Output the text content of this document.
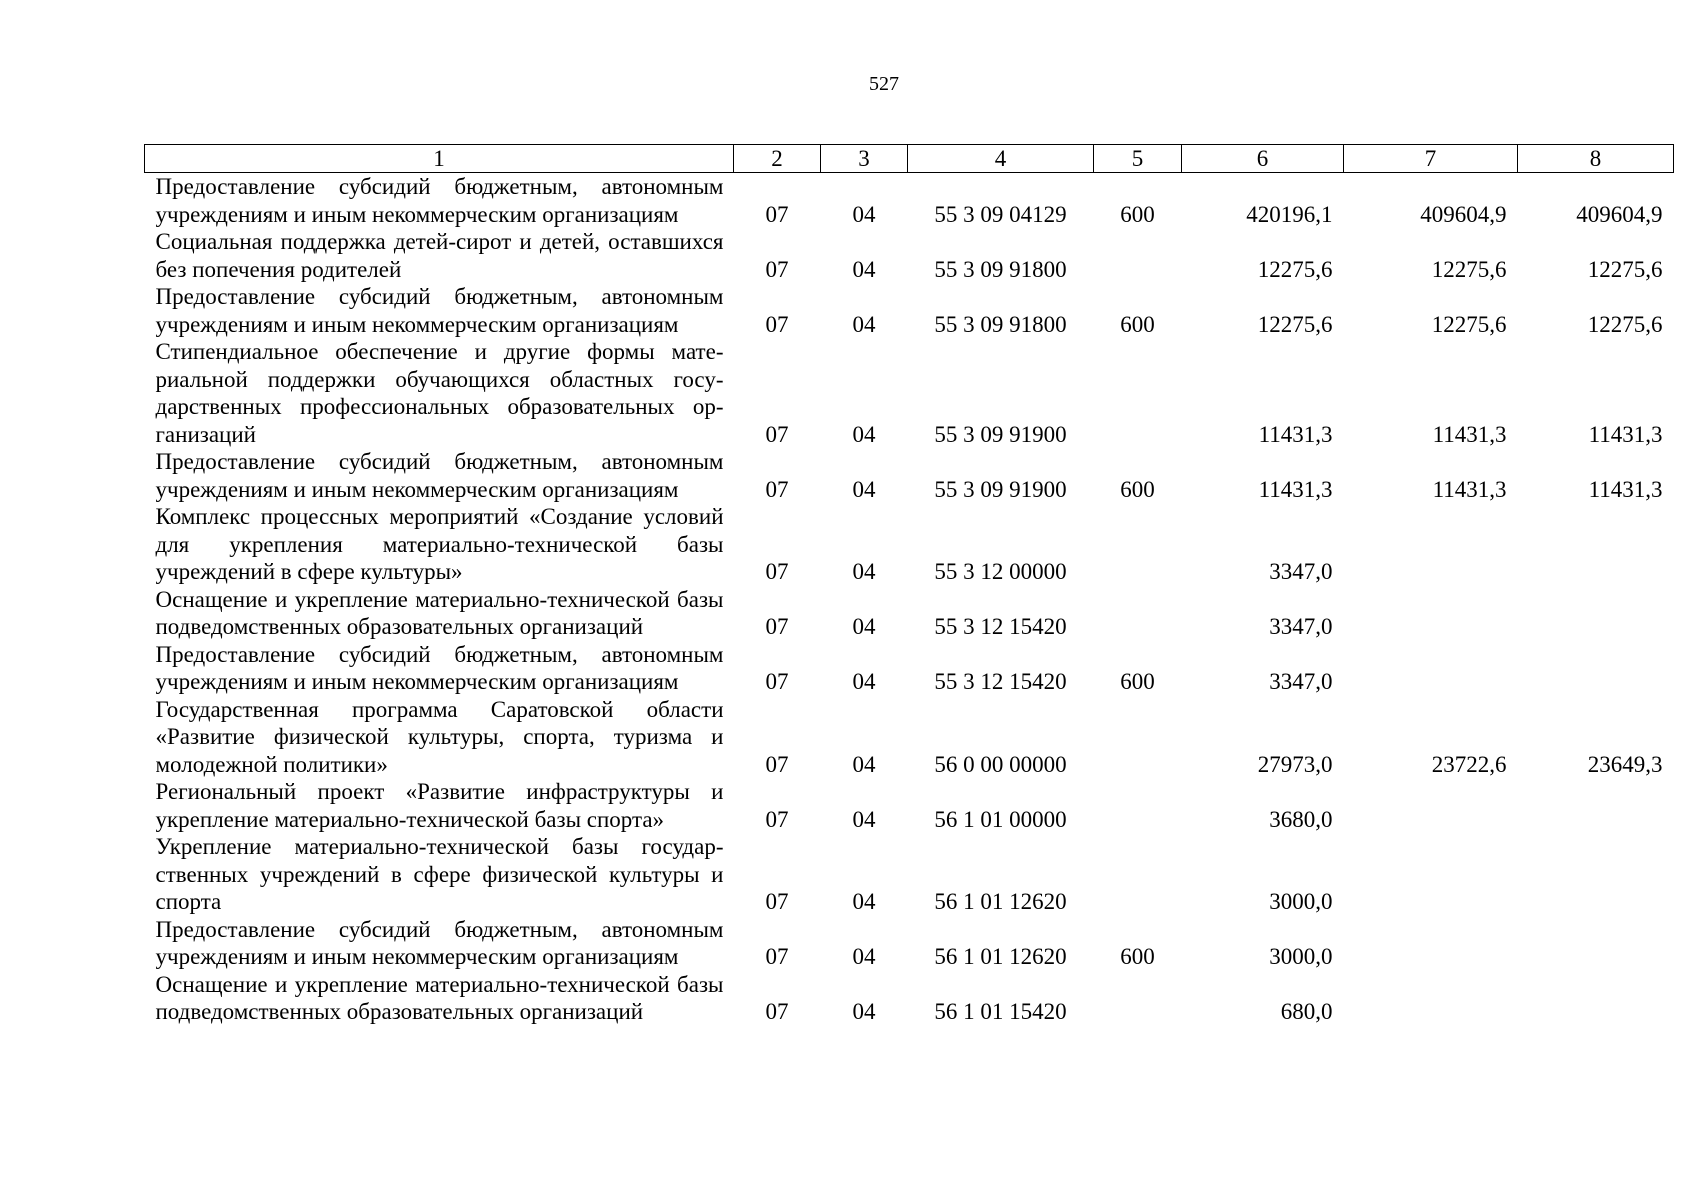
527
1	2	3	4	5	6	7	8
Предоставление субсидий бюджетным, автономным учреждениям и иным некоммерческим организациям	07	04	55 3 09 04129	600	420196,1	409604,9	409604,9
Социальная поддержка детей-сирот и детей, оставшихся без попечения родителей	07	04	55 3 09 91800		12275,6	12275,6	12275,6
Предоставление субсидий бюджетным, автономным учреждениям и иным некоммерческим организациям	07	04	55 3 09 91800	600	12275,6	12275,6	12275,6
Стипендиальное обеспечение и другие формы материальной поддержки обучающихся областных государственных профессиональных образовательных организаций	07	04	55 3 09 91900		11431,3	11431,3	11431,3
Предоставление субсидий бюджетным, автономным учреждениям и иным некоммерческим организациям	07	04	55 3 09 91900	600	11431,3	11431,3	11431,3
Комплекс процессных мероприятий «Создание условий для укрепления материально-технической базы учреждений в сфере культуры»	07	04	55 3 12 00000		3347,0		
Оснащение и укрепление материально-технической базы подведомственных образовательных организаций	07	04	55 3 12 15420		3347,0		
Предоставление субсидий бюджетным, автономным учреждениям и иным некоммерческим организациям	07	04	55 3 12 15420	600	3347,0		
Государственная программа Саратовской области «Развитие физической культуры, спорта, туризма и молодежной политики»	07	04	56 0 00 00000		27973,0	23722,6	23649,3
Региональный проект «Развитие инфраструктуры и укрепление материально-технической базы спорта»	07	04	56 1 01 00000		3680,0		
Укрепление материально-технической базы государственных учреждений в сфере физической культуры и спорта	07	04	56 1 01 12620		3000,0		
Предоставление субсидий бюджетным, автономным учреждениям и иным некоммерческим организациям	07	04	56 1 01 12620	600	3000,0		
Оснащение и укрепление материально-технической базы подведомственных образовательных организаций	07	04	56 1 01 15420		680,0		
